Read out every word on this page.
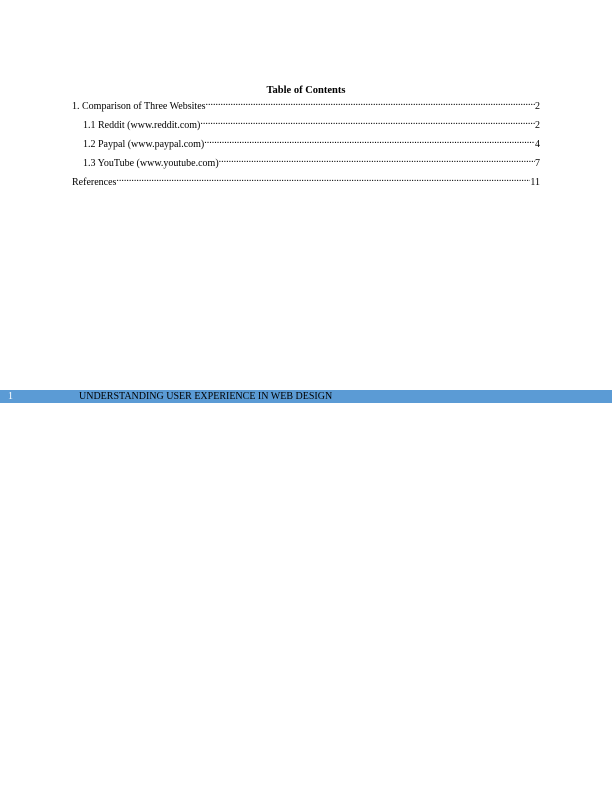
Table of Contents
1. Comparison of Three Websites .....	2
1.1 Reddit (www.reddit.com) .....	2
1.2 Paypal (www.paypal.com) .....	4
1.3 YouTube (www.youtube.com) .....	7
References .....	11
1	UNDERSTANDING USER EXPERIENCE IN WEB DESIGN
